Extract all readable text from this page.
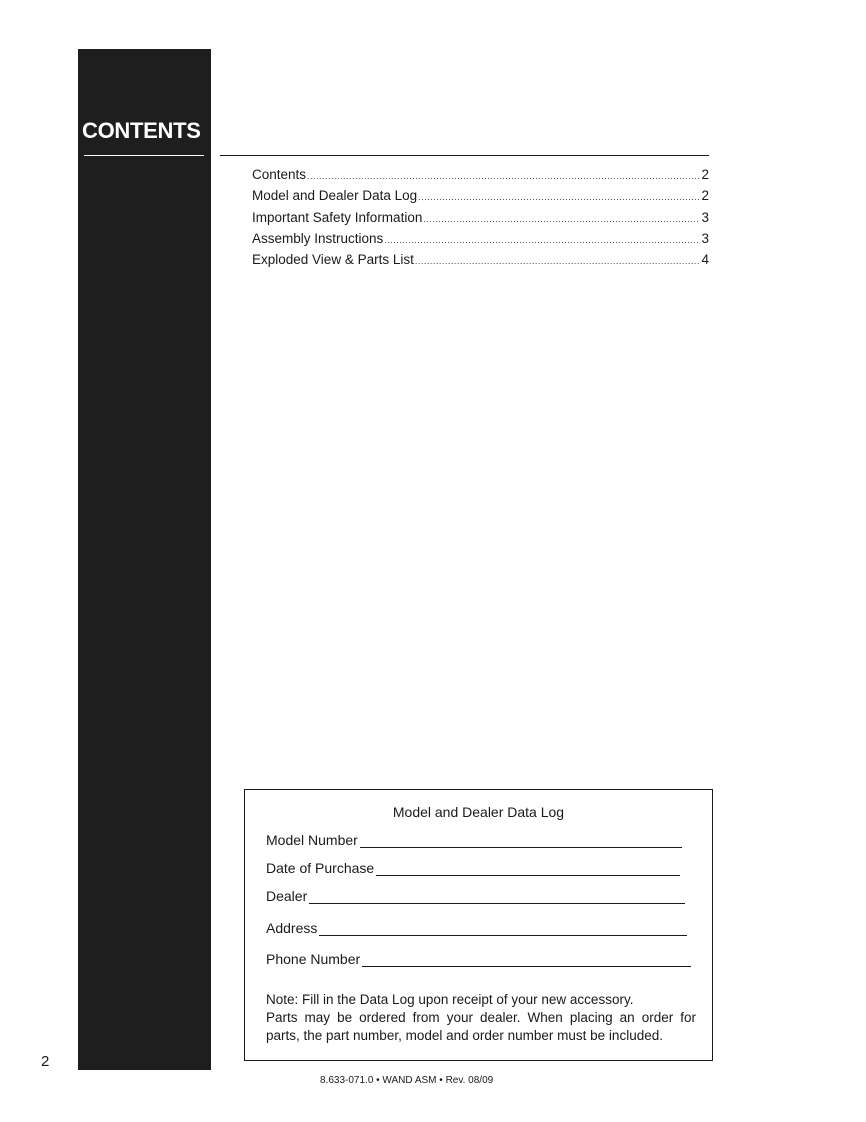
CONTENTS
Contents .....	2
Model and Dealer Data Log .....	2
Important Safety Information .....	3
Assembly Instructions .....	3
Exploded View & Parts List .....	4
Model and Dealer Data Log
Model Number
Date of Purchase
Dealer
Address
Phone Number

Note: Fill in the Data Log upon receipt of your new accessory.

Parts may be ordered from your dealer. When placing an order for

parts, the part number, model and order number must be included.

2
8.633-071.0 • WAND ASM • Rev. 08/09
